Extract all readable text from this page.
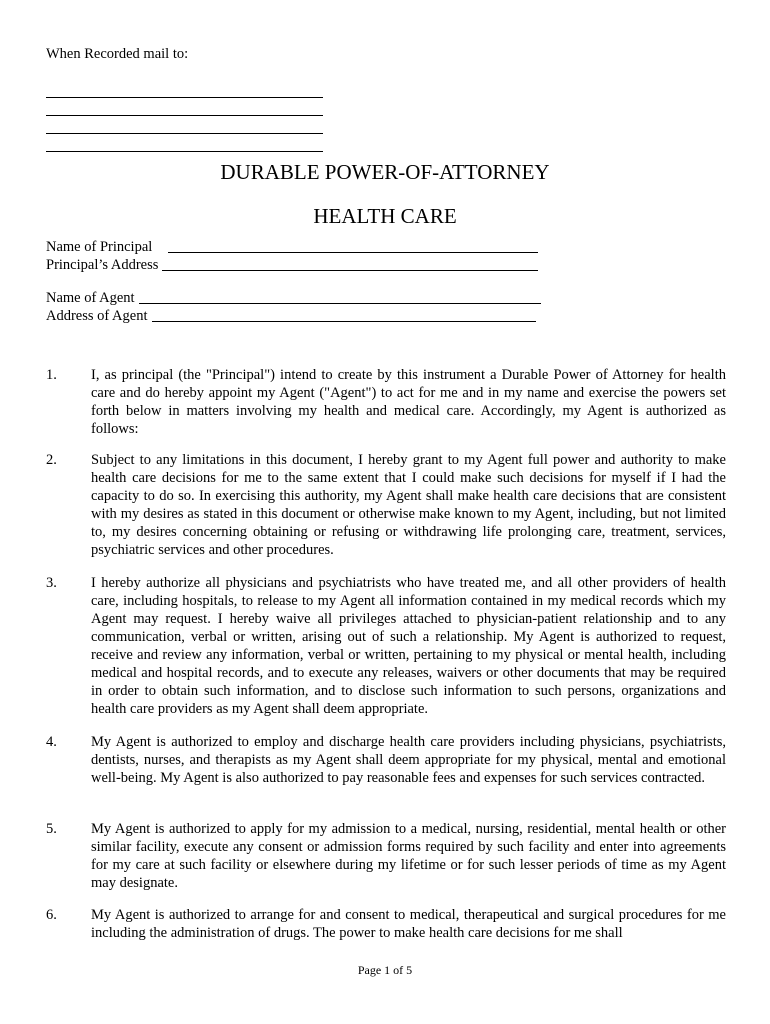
When Recorded mail to:
DURABLE POWER-OF-ATTORNEY
HEALTH CARE
Name of Principal
Principal’s Address
Name of Agent
Address of Agent
1. I, as principal (the "Principal") intend to create by this instrument a Durable Power of Attorney for health care and do hereby appoint my Agent ("Agent") to act for me and in my name and exercise the powers set forth below in matters involving my health and medical care. Accordingly, my Agent is authorized as follows:
2. Subject to any limitations in this document, I hereby grant to my Agent full power and authority to make health care decisions for me to the same extent that I could make such decisions for myself if I had the capacity to do so. In exercising this authority, my Agent shall make health care decisions that are consistent with my desires as stated in this document or otherwise make known to my Agent, including, but not limited to, my desires concerning obtaining or refusing or withdrawing life prolonging care, treatment, services, psychiatric services and other procedures.
3. I hereby authorize all physicians and psychiatrists who have treated me, and all other providers of health care, including hospitals, to release to my Agent all information contained in my medical records which my Agent may request. I hereby waive all privileges attached to physician-patient relationship and to any communication, verbal or written, arising out of such a relationship. My Agent is authorized to request, receive and review any information, verbal or written, pertaining to my physical or mental health, including medical and hospital records, and to execute any releases, waivers or other documents that may be required in order to obtain such information, and to disclose such information to such persons, organizations and health care providers as my Agent shall deem appropriate.
4. My Agent is authorized to employ and discharge health care providers including physicians, psychiatrists, dentists, nurses, and therapists as my Agent shall deem appropriate for my physical, mental and emotional well-being. My Agent is also authorized to pay reasonable fees and expenses for such services contracted.
5. My Agent is authorized to apply for my admission to a medical, nursing, residential, mental health or other similar facility, execute any consent or admission forms required by such facility and enter into agreements for my care at such facility or elsewhere during my lifetime or for such lesser periods of time as my Agent may designate.
6. My Agent is authorized to arrange for and consent to medical, therapeutical and surgical procedures for me including the administration of drugs. The power to make health care decisions for me shall
Page 1 of 5
